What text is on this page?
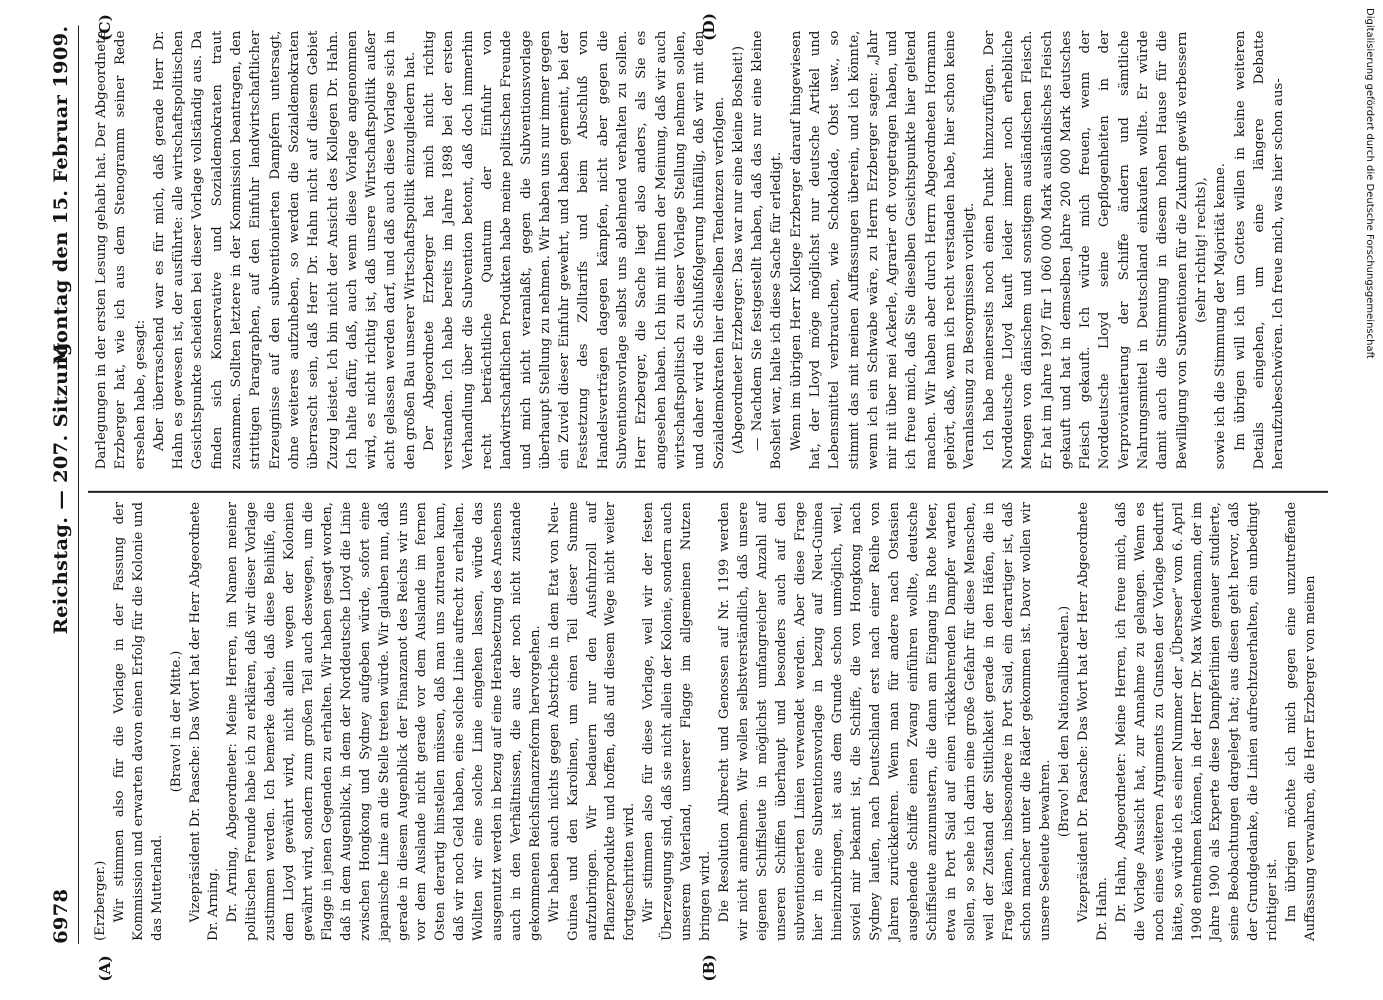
6978
Reichstag. — 207. Sitzung.
Montag den 15. Februar 1909.
(A)	(B)
(C)	(D)

(Erzberger.) Wir stimmen also für die Vorlage in der Fassung der Kommission und erwarten davon einen Erfolg für die Kolonie und das Mutterland.

(Bravo! in der Mitte.) Vizepräsident Dr. Paasche: Das Wort hat der Herr Abgeordnete Dr. Arning. Dr. Arning, Abgeordneter: Meine Herren, im Namen meiner politischen Freunde habe ich zu erklären, daß wir dieser Vorlage zustimmen werden. Ich bemerke dabei, daß diese Beihilfe, die dem Lloyd gewährt wird, nicht allein wegen der Kolonien gewährt wird, sondern zum großen Teil auch deswegen, um die Flagge in jenen Gegenden zu erhalten. Wir haben gesagt worden, daß in dem Augenblick, in dem der Norddeutsche Lloyd die Linie zwischen Hongkong und Sydney aufgeben würde, sofort eine japanische Linie an die Stelle treten würde. Wir glauben nun, daß gerade in diesem Augenblick der Finanzanot des Reichs wir uns vor dem Auslande nicht gerade vor dem Auslande im fernen Osten derartig hinstellen müssen, daß man uns zutrauen kann, daß wir noch Geld haben, eine solche Linie aufrecht zu erhalten. Wollten wir eine solche Linie eingehen lassen, würde das ausgenutzt werden in bezug auf eine Herabsetzung des Ansehens auch in den Verhältnissen, die aus der noch nicht zustande gekommenen Reichsfinanzreform hervorgehen. Wir haben auch nichts gegen Abstriche in dem Etat von Neu-Guinea und den Karolinen, um einen Teil dieser Summe aufzubringen. Wir bedauern nur den Ausfuhrzoll auf Pflanzerprodukte und hoffen, daß auf diesem Wege nicht weiter fortgeschritten wird. Wir stimmen also für diese Vorlage, weil wir der festen Überzeugung sind, daß sie nicht allein der Kolonie, sondern auch unserem Vaterland, unserer Flagge im allgemeinen Nutzen bringen wird. Die Resolution Albrecht und Genossen auf Nr. 1199 werden wir nicht annehmen. Wir wollen selbstverständlich, daß unsere eigenen Schiffsleute in möglichst umfangreicher Anzahl auf unseren Schiffen überhaupt und besonders auch auf den subventionierten Linien verwendet werden. Aber diese Frage hier in eine Subventionsvorlage in bezug auf Neu-Guinea hineinzubringen, ist aus dem Grunde schon unmöglich, weil, soviel mir bekannt ist, die Schiffe, die von Hongkong nach Sydney laufen, nach Deutschland erst nach einer Reihe von Jahren zurückkehren. Wenn man für andere nach Ostasien ausgehende Schiffe einen Zwang einführen wollte, deutsche Schiffsleute anzumustern, die dann am Eingang ins Rote Meer, etwa in Port Said auf einen rückkehrenden Dampfer warten sollen, so sehe ich darin eine große Gefahr für diese Menschen, weil der Zustand der Sittlichkeit gerade in den Häfen, die in Frage kämen, insbesondere in Port Said, ein derartiger ist, daß schon mancher unter die Räder gekommen ist. Davor wollen wir unsere Seeleute bewahren.

(Bravo! bei den Nationalliberalen.) Vizepräsident Dr. Paasche: Das Wort hat der Herr Abgeordnete Dr. Hahn. Dr. Hahn, Abgeordneter: Meine Herren, ich freue mich, daß die Vorlage Aussicht hat, zur Annahme zu gelangen. Wenn es noch eines weiteren Arguments zu Gunsten der Vorlage bedurft hätte, so würde ich es einer Nummer der „Überseer“ vom 6. April 1908 entnehmen können, in der Herr Dr. Max Wiedemann, der im Jahre 1900 als Experte diese Dampferlinien genauer studierte, seine Beobachtungen dargelegt hat; aus diesen geht hervor, daß der Grundgedanke, die Linien aufrechtzuerhalten, ein unbedingt richtiger ist. Im übrigen möchte ich mich gegen eine unzutreffende Auffassung verwahren, die Herr Erzberger von meinen

Darlegungen in der ersten Lesung gehabt hat. Der Abgeordnete Erzberger hat, wie ich aus dem Stenogramm seiner Rede ersehen habe, gesagt: Aber überraschend war es für mich, daß gerade Herr Dr. Hahn es gewesen ist, der ausführte: alle wirtschaftspolitischen Gesichtspunkte scheiden bei dieser Vorlage vollständig aus. Da finden sich Konservative und Sozialdemokraten traut zusammen. Sollten letztere in der Kommission beantragen, den strittigen Paragraphen, auf den Einfuhr landwirtschaftlicher Erzeugnisse auf den subventionierten Dampfern untersagt, ohne weiteres aufzuheben, so werden die Sozialdemokraten überrascht sein, daß Herr Dr. Hahn nicht auf diesem Gebiet Zuzug leistet. Ich bin nicht der Ansicht des Kollegen Dr. Hahn. Ich halte dafür, daß, auch wenn diese Vorlage angenommen wird, es nicht richtig ist, daß unsere Wirtschaftspolitik außer acht gelassen werden darf, und daß auch diese Vorlage sich in den großen Bau unserer Wirtschaftspolitik einzugliedern hat. Der Abgeordnete Erzberger hat mich nicht richtig verstanden. Ich habe bereits im Jahre 1898 bei der ersten Verhandlung über die Subvention betont, daß doch immerhin recht beträchtliche Quantum der Einfuhr von landwirtschaftlichen Produkten habe meine politischen Freunde und mich nicht veranlaßt, gegen die Subventionsvorlage überhaupt Stellung zu nehmen. Wir haben uns nur immer gegen ein Zuviel dieser Einfuhr gewehrt, und haben gemeint, bei der Festsetzung des Zolltarifs und beim Abschluß von Handelsverträgen dagegen kämpfen, nicht aber gegen die Subventionsvorlage selbst uns ablehnend verhalten zu sollen. Herr Erzberger, die Sache liegt also anders, als Sie es angesehen haben. Ich bin mit Ihnen der Meinung, daß wir auch wirtschaftspolitisch zu dieser Vorlage Stellung nehmen sollen, und daher wird die Schlußfolgerung hinfällig, daß wir mit den Sozialdemokraten hier dieselben Tendenzen verfolgen. (Abgeordneter Erzberger: Das war nur eine kleine Bosheit!) — Nachdem Sie festgestellt haben, daß das nur eine kleine Bosheit war, halte ich diese Sache für erledigt. Wenn im übrigen Herr Kollege Erzberger darauf hingewiesen hat, der Lloyd möge möglichst nur deutsche Artikel und Lebensmittel verbrauchen, wie Schokolade, Obst usw., so stimmt das mit meinen Auffassungen überein, und ich könnte, wenn ich ein Schwabe wäre, zu Herrn Erzberger sagen: „Jahr mir nit über mei Ackerle, Agrarier oft vorgetragen haben, und ich freue mich, daß Sie dieselben Gesichtspunkte hier geltend machen. Wir haben aber durch Herrn Abgeordneten Hormann gehört, daß, wenn ich recht verstanden habe, hier schon keine Veranlassung zu Besorgnissen vorliegt. Ich habe meinerseits noch einen Punkt hinzuzufügen. Der Norddeutsche Lloyd kauft leider immer noch erhebliche Mengen von dänischem und sonstigem ausländischen Fleisch. Er hat im Jahre 1907 für 1 060 000 Mark ausländisches Fleisch gekauft und hat in demselben Jahre 200 000 Mark deutsches Fleisch gekauft. Ich würde mich freuen, wenn der Norddeutsche Lloyd seine Gepflogenheiten in der Verproviantierung der Schiffe ändern und sämtliche Nahrungsmittel in Deutschland einkaufen wollte. Er würde damit auch die Stimmung in diesem hohen Hause für die Bewilligung von Subventionen für die Zukunft gewiß verbessern (sehr richtig! rechts), sowie ich die Stimmung der Majorität kenne. Im übrigen will ich um Gottes willen in keine weiteren Details eingehen, um eine längere Debatte heraufzubeschwören. Ich freue mich, was hier schon aus-	Digitalisierung gefördert durch die Deutsche Forschungsgemeinschaft
